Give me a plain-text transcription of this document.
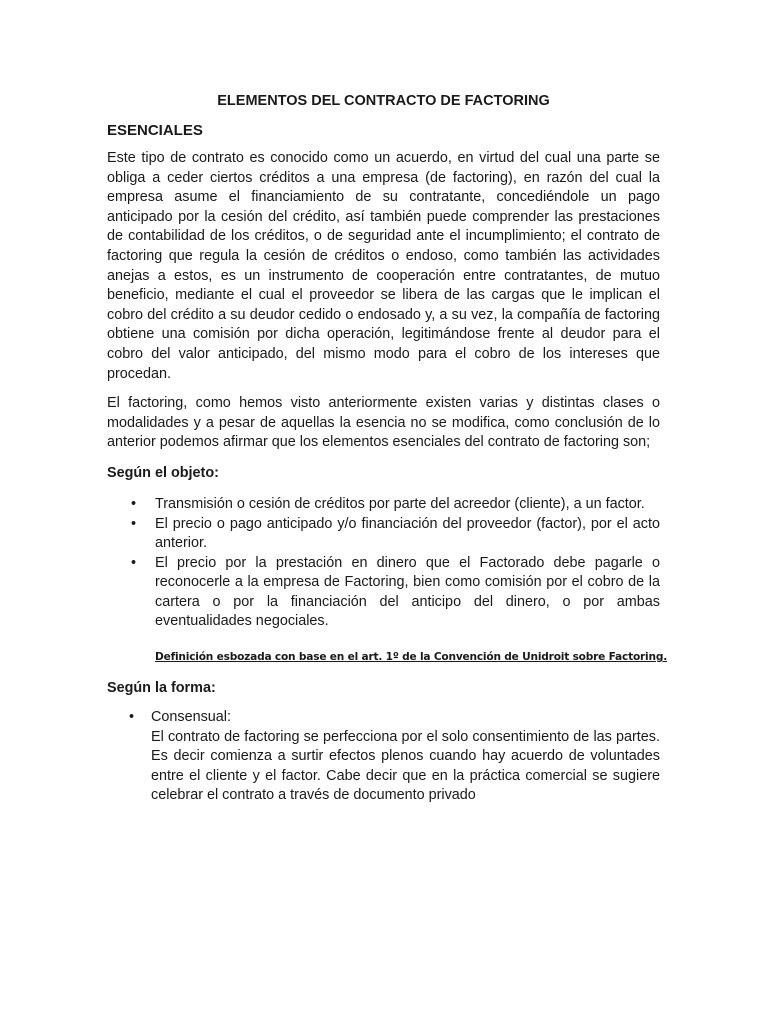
ELEMENTOS DEL CONTRACTO DE FACTORING
ESENCIALES

Este tipo de contrato es conocido como un acuerdo, en virtud del cual una parte se obliga a ceder ciertos créditos a una empresa (de factoring), en razón del cual la empresa asume el financiamiento de su contratante, concediéndole un pago anticipado por la cesión del crédito, así también puede comprender las prestaciones de contabilidad de los créditos, o de seguridad ante el incumplimiento; el contrato de factoring que regula la cesión de créditos o endoso, como también las actividades anejas a estos, es un instrumento de cooperación entre contratantes, de mutuo beneficio, mediante el cual el proveedor se libera de las cargas que le implican el cobro del crédito a su deudor cedido o endosado y, a su vez, la compañía de factoring obtiene una comisión por dicha operación, legitimándose frente al deudor para el cobro del valor anticipado, del mismo modo para el cobro de los intereses que procedan.

El factoring, como hemos visto anteriormente existen varias y distintas clases o modalidades y a pesar de aquellas la esencia no se modifica, como conclusión de lo anterior podemos afirmar que los elementos esenciales del contrato de factoring son;

Según el objeto:
• Transmisión o cesión de créditos por parte del acreedor (cliente), a un factor.
• El precio o pago anticipado y/o financiación del proveedor (factor), por el acto anterior.
• El precio por la prestación en dinero que el Factorado debe pagarle o reconocerle a la empresa de Factoring, bien como comisión por el cobro de la cartera o por la financiación del anticipo del dinero, o por ambas eventualidades negociales.
Definición esbozada con base en el art. 1º de la Convención de Unidroit sobre Factoring.
Según la forma:
• Consensual:
El contrato de factoring se perfecciona por el solo consentimiento de las partes. Es decir comienza a surtir efectos plenos cuando hay acuerdo de voluntades entre el cliente y el factor. Cabe decir que en la práctica comercial se sugiere celebrar el contrato a través de documento privado
